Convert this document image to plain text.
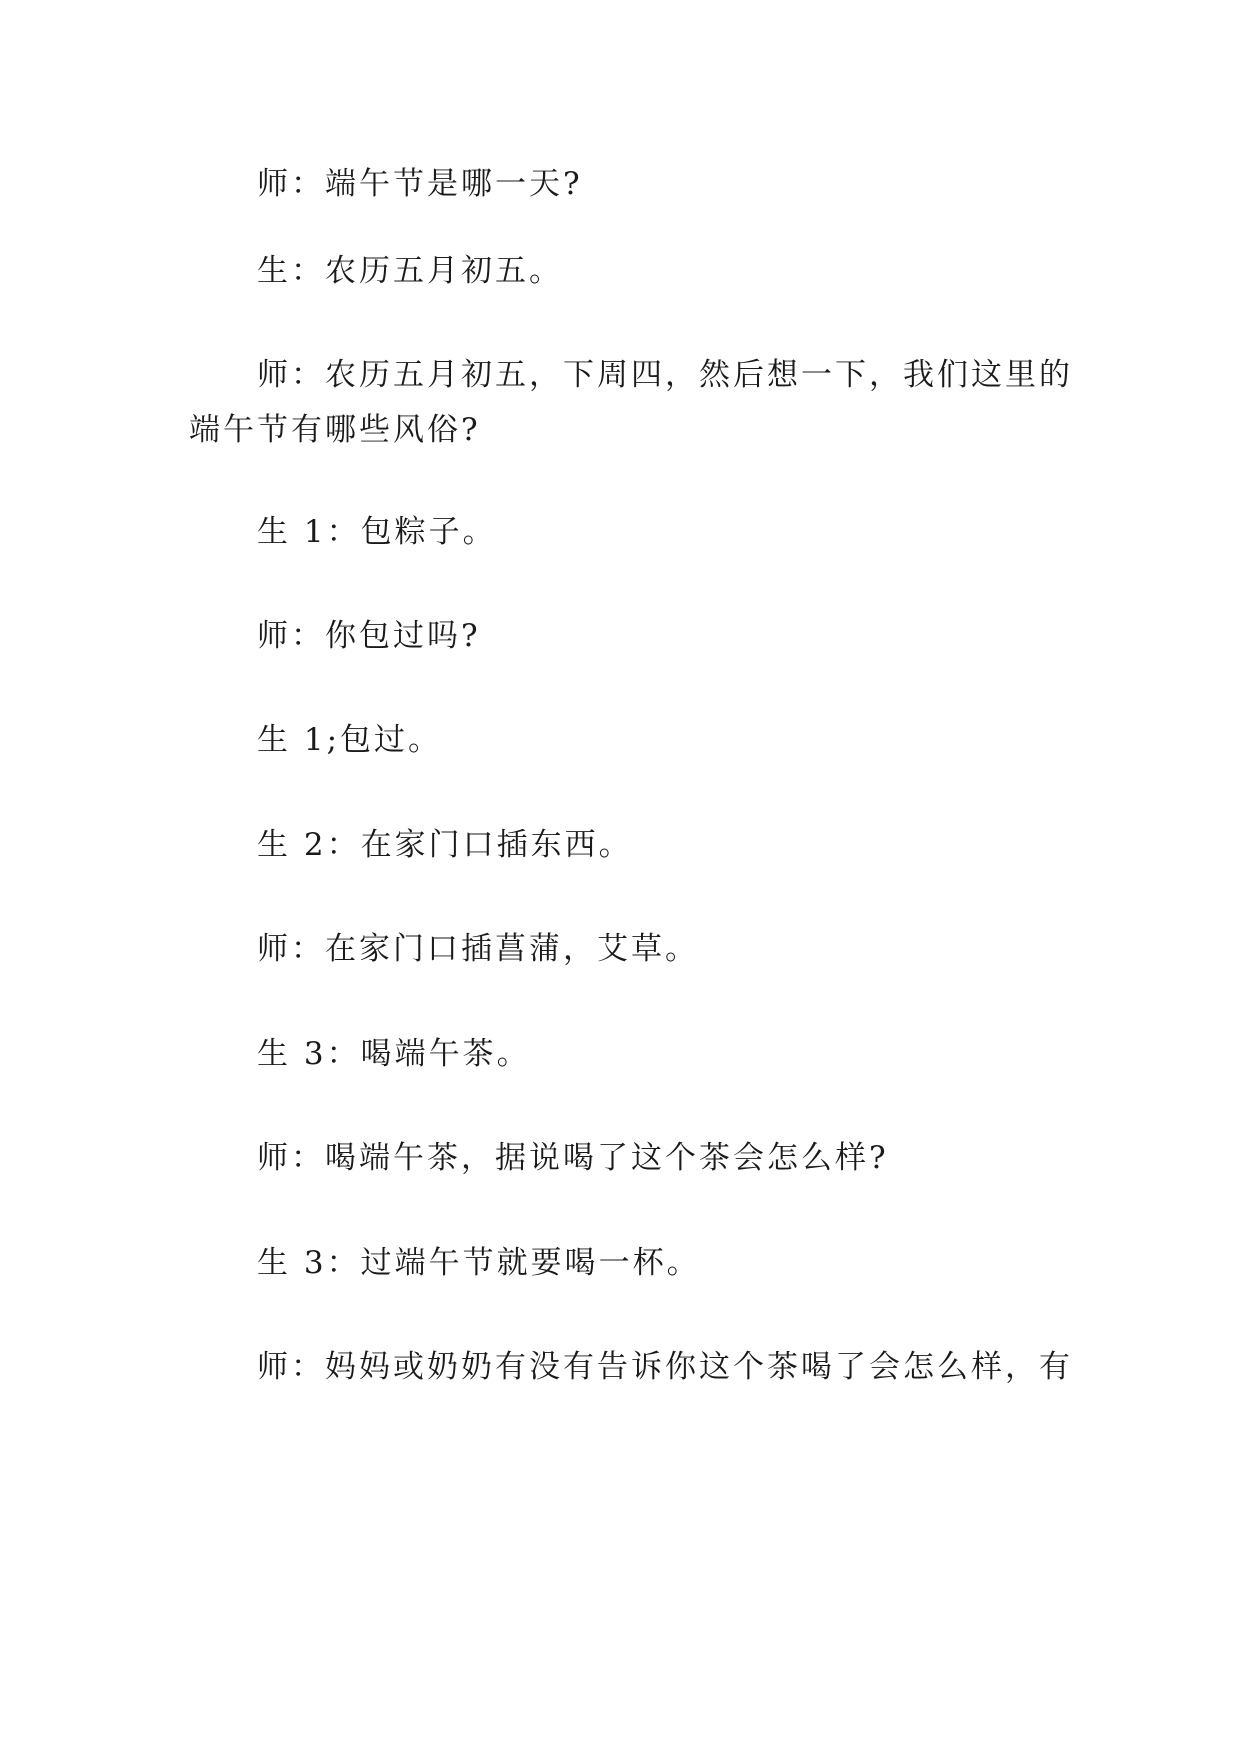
师：端午节是哪一天?
生：农历五月初五。
师：农历五月初五，下周四，然后想一下，我们这里的
端午节有哪些风俗?
生 1：包粽子。
师：你包过吗?
生 1;包过。
生 2：在家门口插东西。
师：在家门口插菖蒲，艾草。
生 3：喝端午茶。
师：喝端午茶，据说喝了这个茶会怎么样?
生 3：过端午节就要喝一杯。
师：妈妈或奶奶有没有告诉你这个茶喝了会怎么样，有
